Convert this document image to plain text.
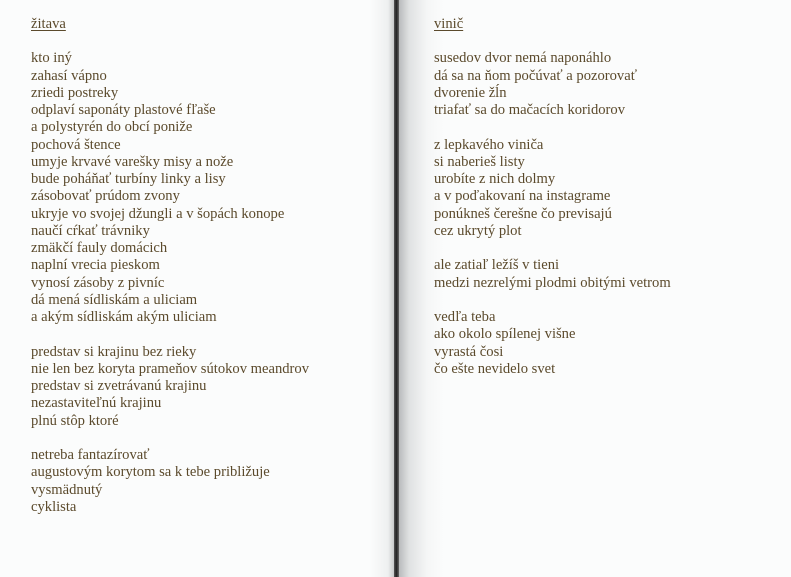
žitava
kto iný
zahasí vápno
zriedi postreky
odplaví saponáty plastové fľaše
a polystyrén do obcí poniže
pochová štence
umyje krvavé vareškу misy a nože
bude poháňať turbíny linky a lisy
zásobovať prúdom zvony
ukryje vo svojej džungli a v šopách konope
naučí cŕkať trávniky
zmäkčí fauly domácich
naplní vrecia pieskom
vynosí zásoby z pivníc
dá mená sídliskám a uliciam
a akým sídliskám akým uliciam
predstav si krajinu bez rieky
nie len bez koryta prameňov sútokov meandrov
predstav si zvetrávanú krajinu
nezastaviteľnú krajinu
plnú stôp ktoré
netreba fantazírovať
augustovým korytom sa k tebe približuje
vysmädnutý
cyklista
vinič
susedov dvor nemá naponáhlo
dá sa na ňom počúvať a pozorovať
dvorenie žĺn
triafať sa do mačacích koridorov
z lepkavého viniča
si naberieš listy
urobíte z nich dolmy
a v poďakovaní na instagrame
ponúkneš čerešne čo previsajú
cez ukrytý plot
ale zatiaľ ležíš v tieni
medzi nezrelými plodmi obitými vetrom
vedľa teba
ako okolo spílenej višne
vyrastá čosi
čo ešte nevidelo svet
